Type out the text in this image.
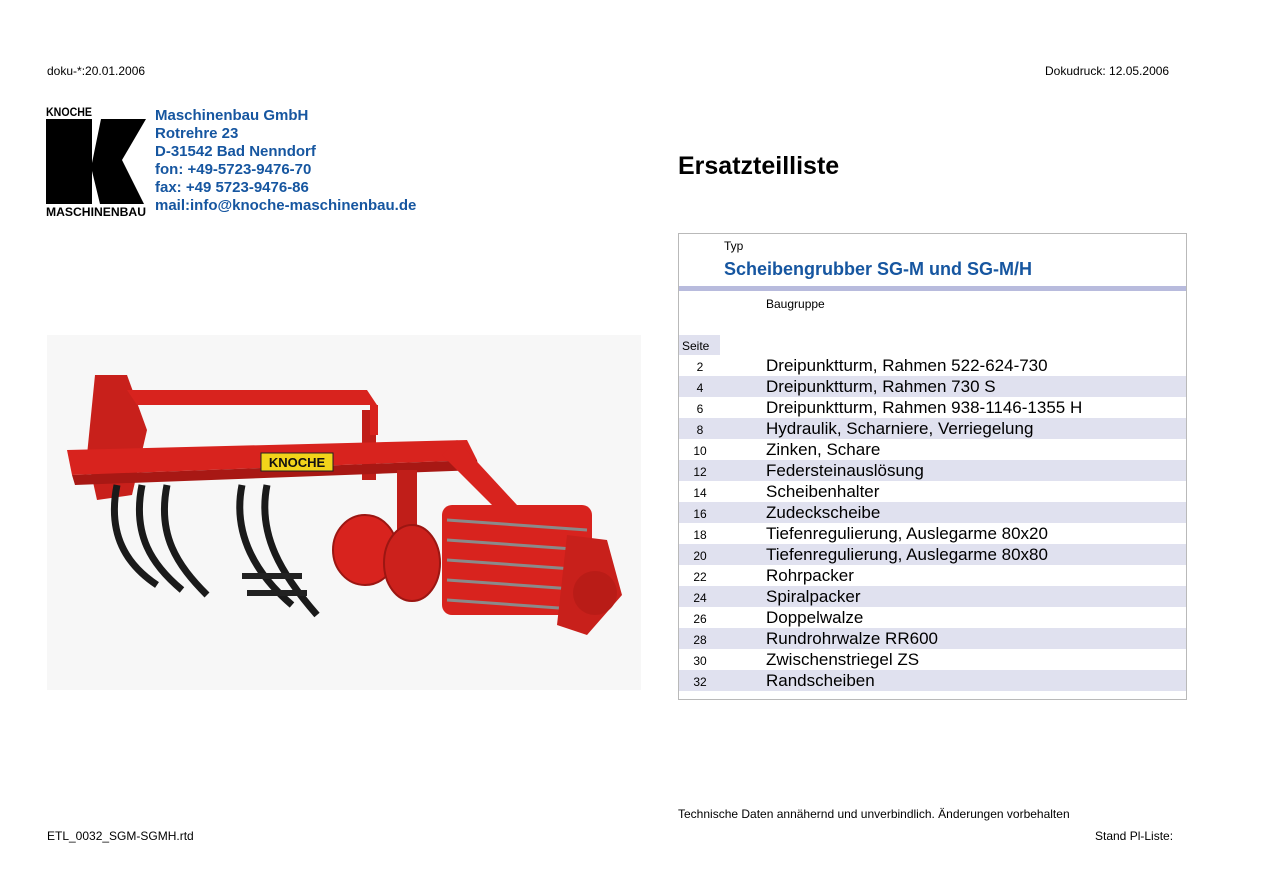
doku-*:20.01.2006	Dokudruck: 12.05.2006
KNOCHE
MASCHINENBAU
Maschinenbau GmbH
Rotrehre 23
D-31542 Bad Nenndorf
fon: +49-5723-9476-70
fax: +49 5723-9476-86
mail:info@knoche-maschinenbau.de
KNOCHE
Ersatzteilliste
Typ
Scheibengrubber SG-M und SG-M/H
Baugruppe
Seite
2	Dreipunktturm, Rahmen 522-624-730
4	Dreipunktturm, Rahmen 730 S
6	Dreipunktturm, Rahmen 938-1146-1355 H
8	Hydraulik, Scharniere, Verriegelung
10	Zinken, Schare
12	Federsteinauslösung
14	Scheibenhalter
16	Zudeckscheibe
18	Tiefenregulierung, Auslegarme 80x20
20	Tiefenregulierung, Auslegarme 80x80
22	Rohrpacker
24	Spiralpacker
26	Doppelwalze
28	Rundrohrwalze RR600
30	Zwischenstriegel ZS
32	Randscheiben
Technische Daten annähernd und unverbindlich. Änderungen vorbehalten
ETL_0032_SGM-SGMH.rtd	Stand Pl-Liste:
